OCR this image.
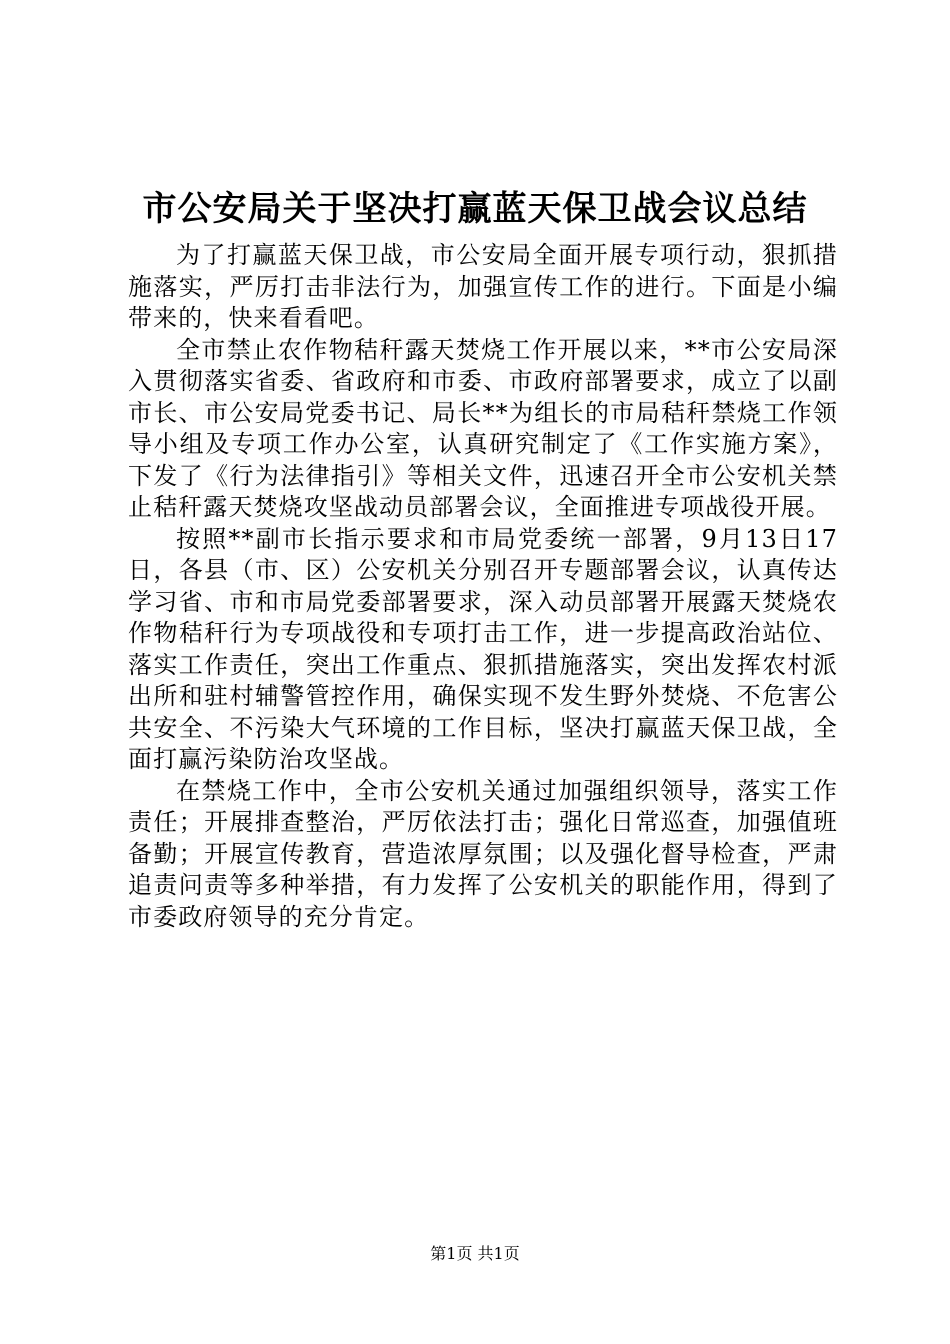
市公安局关于坚决打赢蓝天保卫战会议总结

为了打赢蓝天保卫战，市公安局全面开展专项行动，狠抓措施落实，严厉打击非法行为，加强宣传工作的进行。下面是小编带来的，快来看看吧。

全市禁止农作物秸秆露天焚烧工作开展以来，**市公安局深入贯彻落实省委、省政府和市委、市政府部署要求，成立了以副市长、市公安局党委书记、局长**为组长的市局秸秆禁烧工作领导小组及专项工作办公室，认真研究制定了《工作实施方案》，下发了《行为法律指引》等相关文件，迅速召开全市公安机关禁止秸秆露天焚烧攻坚战动员部署会议，全面推进专项战役开展。

按照**副市长指示要求和市局党委统一部署，9月13日17日，各县（市、区）公安机关分别召开专题部署会议，认真传达学习省、市和市局党委部署要求，深入动员部署开展露天焚烧农作物秸秆行为专项战役和专项打击工作，进一步提高政治站位、落实工作责任，突出工作重点、狠抓措施落实，突出发挥农村派出所和驻村辅警管控作用，确保实现不发生野外焚烧、不危害公共安全、不污染大气环境的工作目标，坚决打赢蓝天保卫战，全面打赢污染防治攻坚战。

在禁烧工作中，全市公安机关通过加强组织领导，落实工作责任；开展排查整治，严厉依法打击；强化日常巡查，加强值班备勤；开展宣传教育，营造浓厚氛围；以及强化督导检查，严肃追责问责等多种举措，有力发挥了公安机关的职能作用，得到了市委政府领导的充分肯定。

第1页 共1页
